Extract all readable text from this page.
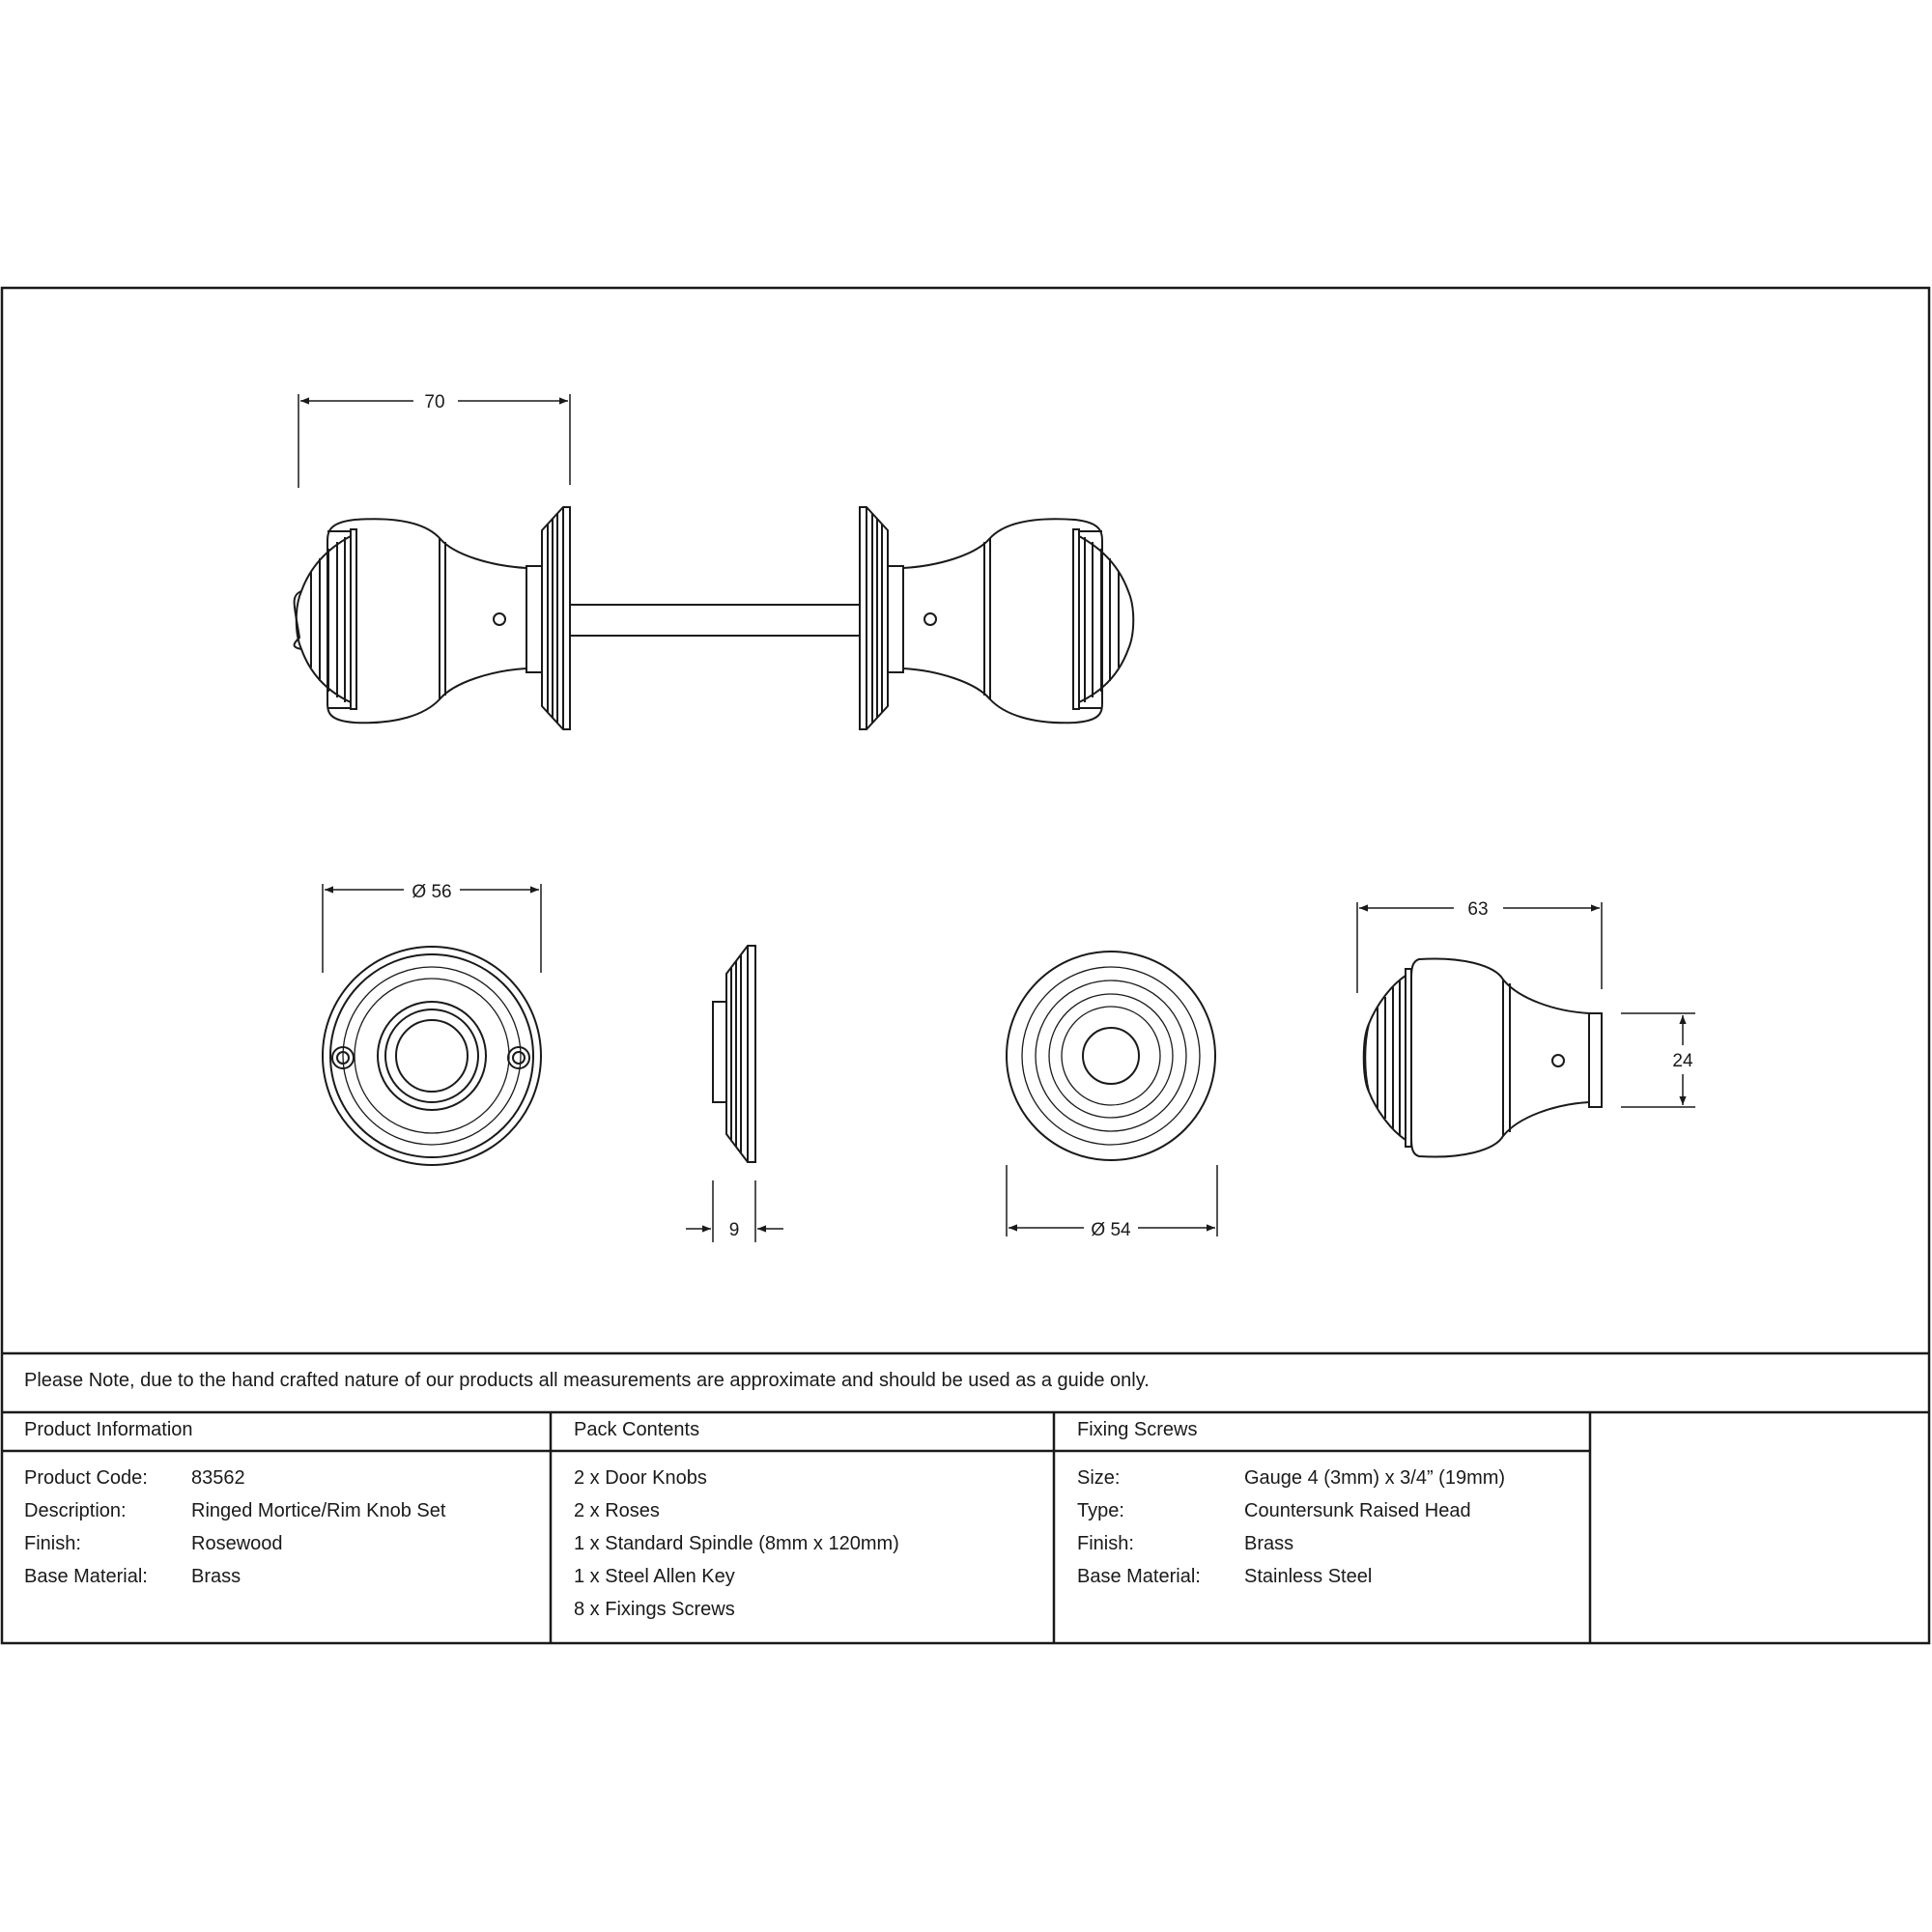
70
Ø 56
9	Ø 54
63
24
Please Note, due to the hand crafted nature of our products all measurements are approximate and should be used as a guide only.
Product Information	Pack Contents	Fixing Screws
Product Code:	83562
Description:	Ringed Mortice/Rim Knob Set
Finish:	Rosewood
Base Material:	Brass
2 x Door Knobs
2 x Roses
1 x Standard Spindle (8mm x 120mm)
1 x Steel Allen Key
8 x Fixings Screws
Size:	Gauge 4 (3mm) x 3/4” (19mm)
Type:	Countersunk Raised Head
Finish:	Brass
Base Material:	Stainless Steel
